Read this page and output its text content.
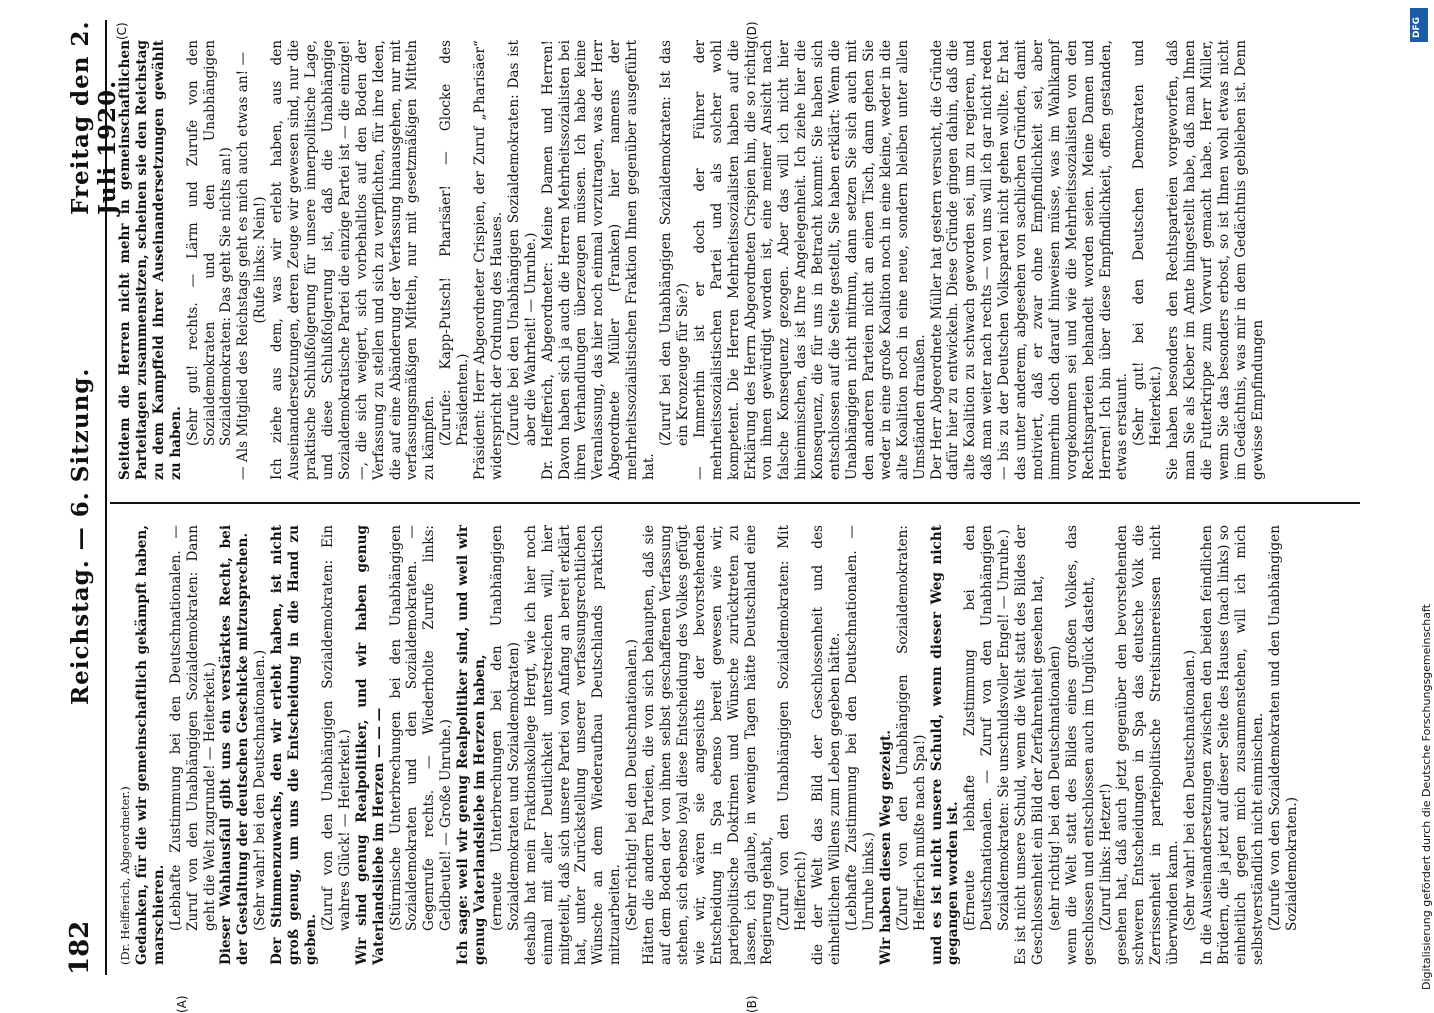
182
Reichstag. — 6. Sitzung.
Freitag den 2. Juli 1920.
(A)	(B)
(C)	(D)

(Dr. Helfferich, Abgeordneter.) Gedanken, für die wir gemeinschaftlich gekämpft haben, marschieren. (Lebhafte Zustimmung bei den Deutschnationalen. — Zuruf von den Unabhängigen Sozialdemokraten: Dann geht die Welt zugrunde! — Heiterkeit.) Dieser Wahlausfall gibt uns ein verstärktes Recht, bei der Gestaltung der deutschen Geschicke mitzusprechen. (Sehr wahr! bei den Deutschnationalen.) Der Stimmenzuwachs, den wir erlebt haben, ist nicht groß genug, um uns die Entscheidung in die Hand zu geben.

(Zuruf von den Unabhängigen Sozialdemokraten: Ein wahres Glück! — Heiterkeit.) Wir sind genug Realpolitiker, und wir haben genug Vaterlandsliebe im Herzen — — — (Stürmische Unterbrechungen bei den Unabhängigen Sozialdemokraten und den Sozialdemokraten. — Gegenrufe rechts. — Wiederholte Zurufe links: Geldbeutel! — Große Unruhe.) Ich sage: weil wir genug Realpolitiker sind, und weil wir genug Vaterlandsliebe im Herzen haben, (erneute Unterbrechungen bei den Unabhängigen Sozialdemokraten und Sozialdemokraten) deshalb hat mein Fraktionskollege Hergt, wie ich hier noch einmal mit aller Deutlichkeit unterstreichen will, hier mitgeteilt, daß sich unsere Partei von Anfang an bereit erklärt hat, unter Zurückstellung unserer verfassungsrechtlichen Wünsche an dem Wiederaufbau Deutschlands praktisch mitzuarbeiten. (Sehr richtig! bei den Deutschnationalen.) Hätten die andern Parteien, die von sich behaupten, daß sie auf dem Boden der von ihnen selbst geschaffenen Verfassung stehen, sich ebenso loyal diese Entscheidung des Volkes gefügt wie wir, wären sie angesichts der bevorstehenden Entscheidung in Spa ebenso bereit gewesen wie wir, parteipolitische Doktrinen und Wünsche zurücktreten zu lassen, ich glaube, in wenigen Tagen hätte Deutschland eine Regierung gehabt, (Zuruf von den Unabhängigen Sozialdemokraten: Mit Helfferich!) die der Welt das Bild der Geschlossenheit und des einheitlichen Willens zum Leben gegeben hätte. (Lebhafte Zustimmung bei den Deutschnationalen. — Unruhe links.) Wir haben diesen Weg gezeigt. (Zuruf von den Unabhängigen Sozialdemokraten: Helfferich mußte nach Spa!) und es ist nicht unsere Schuld, wenn dieser Weg nicht gegangen worden ist. (Erneute lebhafte Zustimmung bei den Deutschnationalen. — Zuruf von den Unabhängigen Sozialdemokraten: Sie unschuldsvoller Engel! — Unruhe.) Es ist nicht unsere Schuld, wenn die Welt statt des Bildes der Geschlossenheit ein Bild der Zerfahrenheit gesehen hat, (sehr richtig! bei den Deutschnationalen) wenn die Welt statt des Bildes eines großen Volkes, das geschlossen und entschlossen auch im Unglück dasteht, (Zuruf links: Hetzer!) gesehen hat, daß auch jetzt gegenüber den bevorstehenden schweren Entscheidungen in Spa das deutsche Volk die Zerrissenheit in parteipolitische Streitsinnereissen nicht überwinden kann. (Sehr wahr! bei den Deutschnationalen.) In die Auseinandersetzungen zwischen den beiden feindlichen Brüdern, die ja jetzt auf dieser Seite des Hauses (nach links) so einheitlich gegen mich zusammenstehen, will ich mich selbstverständlich nicht einmischen. (Zurufe von den Sozialdemokraten und den Unabhängigen Sozialdemokraten.)

Seitdem die Herren nicht mehr in gemeinschaftlichen Parteitagen zusammensitzen, scheinen sie den Reichstag zu dem Kampffeld ihrer Auseinandersetzungen gewählt zu haben. (Sehr gut! rechts. — Lärm und Zurufe von den Sozialdemokraten und den Unabhängigen Sozialdemokraten: Das geht Sie nichts an!) — Als Mitglied des Reichstags geht es mich auch etwas an! — (Rufe links: Nein!) Ich ziehe aus dem, was wir erlebt haben, aus den Auseinandersetzungen, deren Zeuge wir gewesen sind, nur die praktische Schlußfolgerung für unsere innerpolitische Lage, und diese Schlußfolgerung ist, daß die Unabhängige Sozialdemokratische Partei die einzige Partei ist — die einzige! —, die sich weigert, sich vorbehaltlos auf den Boden der Verfassung zu stellen und sich zu verpflichten, für ihre Ideen, die auf eine Abänderung der Verfassung hinausgehen, nur mit verfassungsmäßigen Mitteln, nur mit gesetzmäßigen Mitteln zu kämpfen. (Zurufe: Kapp-Putsch! Pharisäer! — Glocke des Präsidenten.) Präsident: Herr Abgeordneter Crispien, der Zuruf „Pharisäer“ widerspricht der Ordnung des Hauses. (Zurufe bei den Unabhängigen Sozialdemokraten: Das ist aber die Wahrheit! — Unruhe.) Dr. Helfferich, Abgeordneter: Meine Damen und Herren! Davon haben sich ja auch die Herren Mehrheitssozialisten bei ihren Verhandlungen überzeugen müssen. Ich habe keine Veranlassung, das hier noch einmal vorzutragen, was der Herr Abgeordnete Müller (Franken) hier namens der mehrheitssozialistischen Fraktion Ihnen gegenüber ausgeführt hat.

(Zuruf bei den Unabhängigen Sozialdemokraten: Ist das ein Kronzeuge für Sie?) — Immerhin ist er doch der Führer der mehrheitssozialistischen Partei und als solcher wohl kompetent. Die Herren Mehrheitssozialisten haben auf die Erklärung des Herrn Abgeordneten Crispien hin, die so richtig von ihnen gewürdigt worden ist, eine meiner Ansicht nach falsche Konsequenz gezogen. Aber das will ich nicht hier hineinmischen, das ist Ihre Angelegenheit. Ich ziehe hier die Konsequenz, die für uns in Betracht kommt: Sie haben sich entschlossen auf die Seite gestellt, Sie haben erklärt: Wenn die Unabhängigen nicht mitmun, dann setzen Sie sich auch mit den anderen Parteien nicht an einen Tisch, dann gehen Sie weder in eine große Koalition noch in eine kleine, weder in die alte Koalition noch in eine neue, sondern bleiben unter allen Umständen draußen. Der Herr Abgeordnete Müller hat gestern versucht, die Gründe dafür hier zu entwickeln. Diese Gründe gingen dahin, daß die alte Koalition zu schwach geworden sei, um zu regieren, und daß man weiter nach rechts — von uns will ich gar nicht reden — bis zu der Deutschen Volkspartei nicht gehen wollte. Er hat das unter anderem, abgesehen von sachlichen Gründen, damit motiviert, daß er zwar ohne Empfindlichkeit sei, aber immerhin doch darauf hinweisen müsse, was im Wahlkampf vorgekommen sei und wie die Mehrheitssozialisten von den Rechtsparteien behandelt worden seien. Meine Damen und Herren! Ich bin über diese Empfindlichkeit, offen gestanden, etwas erstaunt. (Sehr gut! bei den Deutschen Demokraten und Heiterkeit.) Sie haben besonders den Rechtsparteien vorgeworfen, daß man Sie als Kleber im Amte hingestellt habe, daß man Ihnen die Futterkrippe zum Vorwurf gemacht habe. Herr Müller, wenn Sie das besonders erbost, so ist Ihnen wohl etwas nicht im Gedächtnis, was mir in dem Gedächtnis geblieben ist. Denn gewisse Empfindungen

DFG
Digitalisierung gefördert durch die Deutsche Forschungsgemeinschaft
